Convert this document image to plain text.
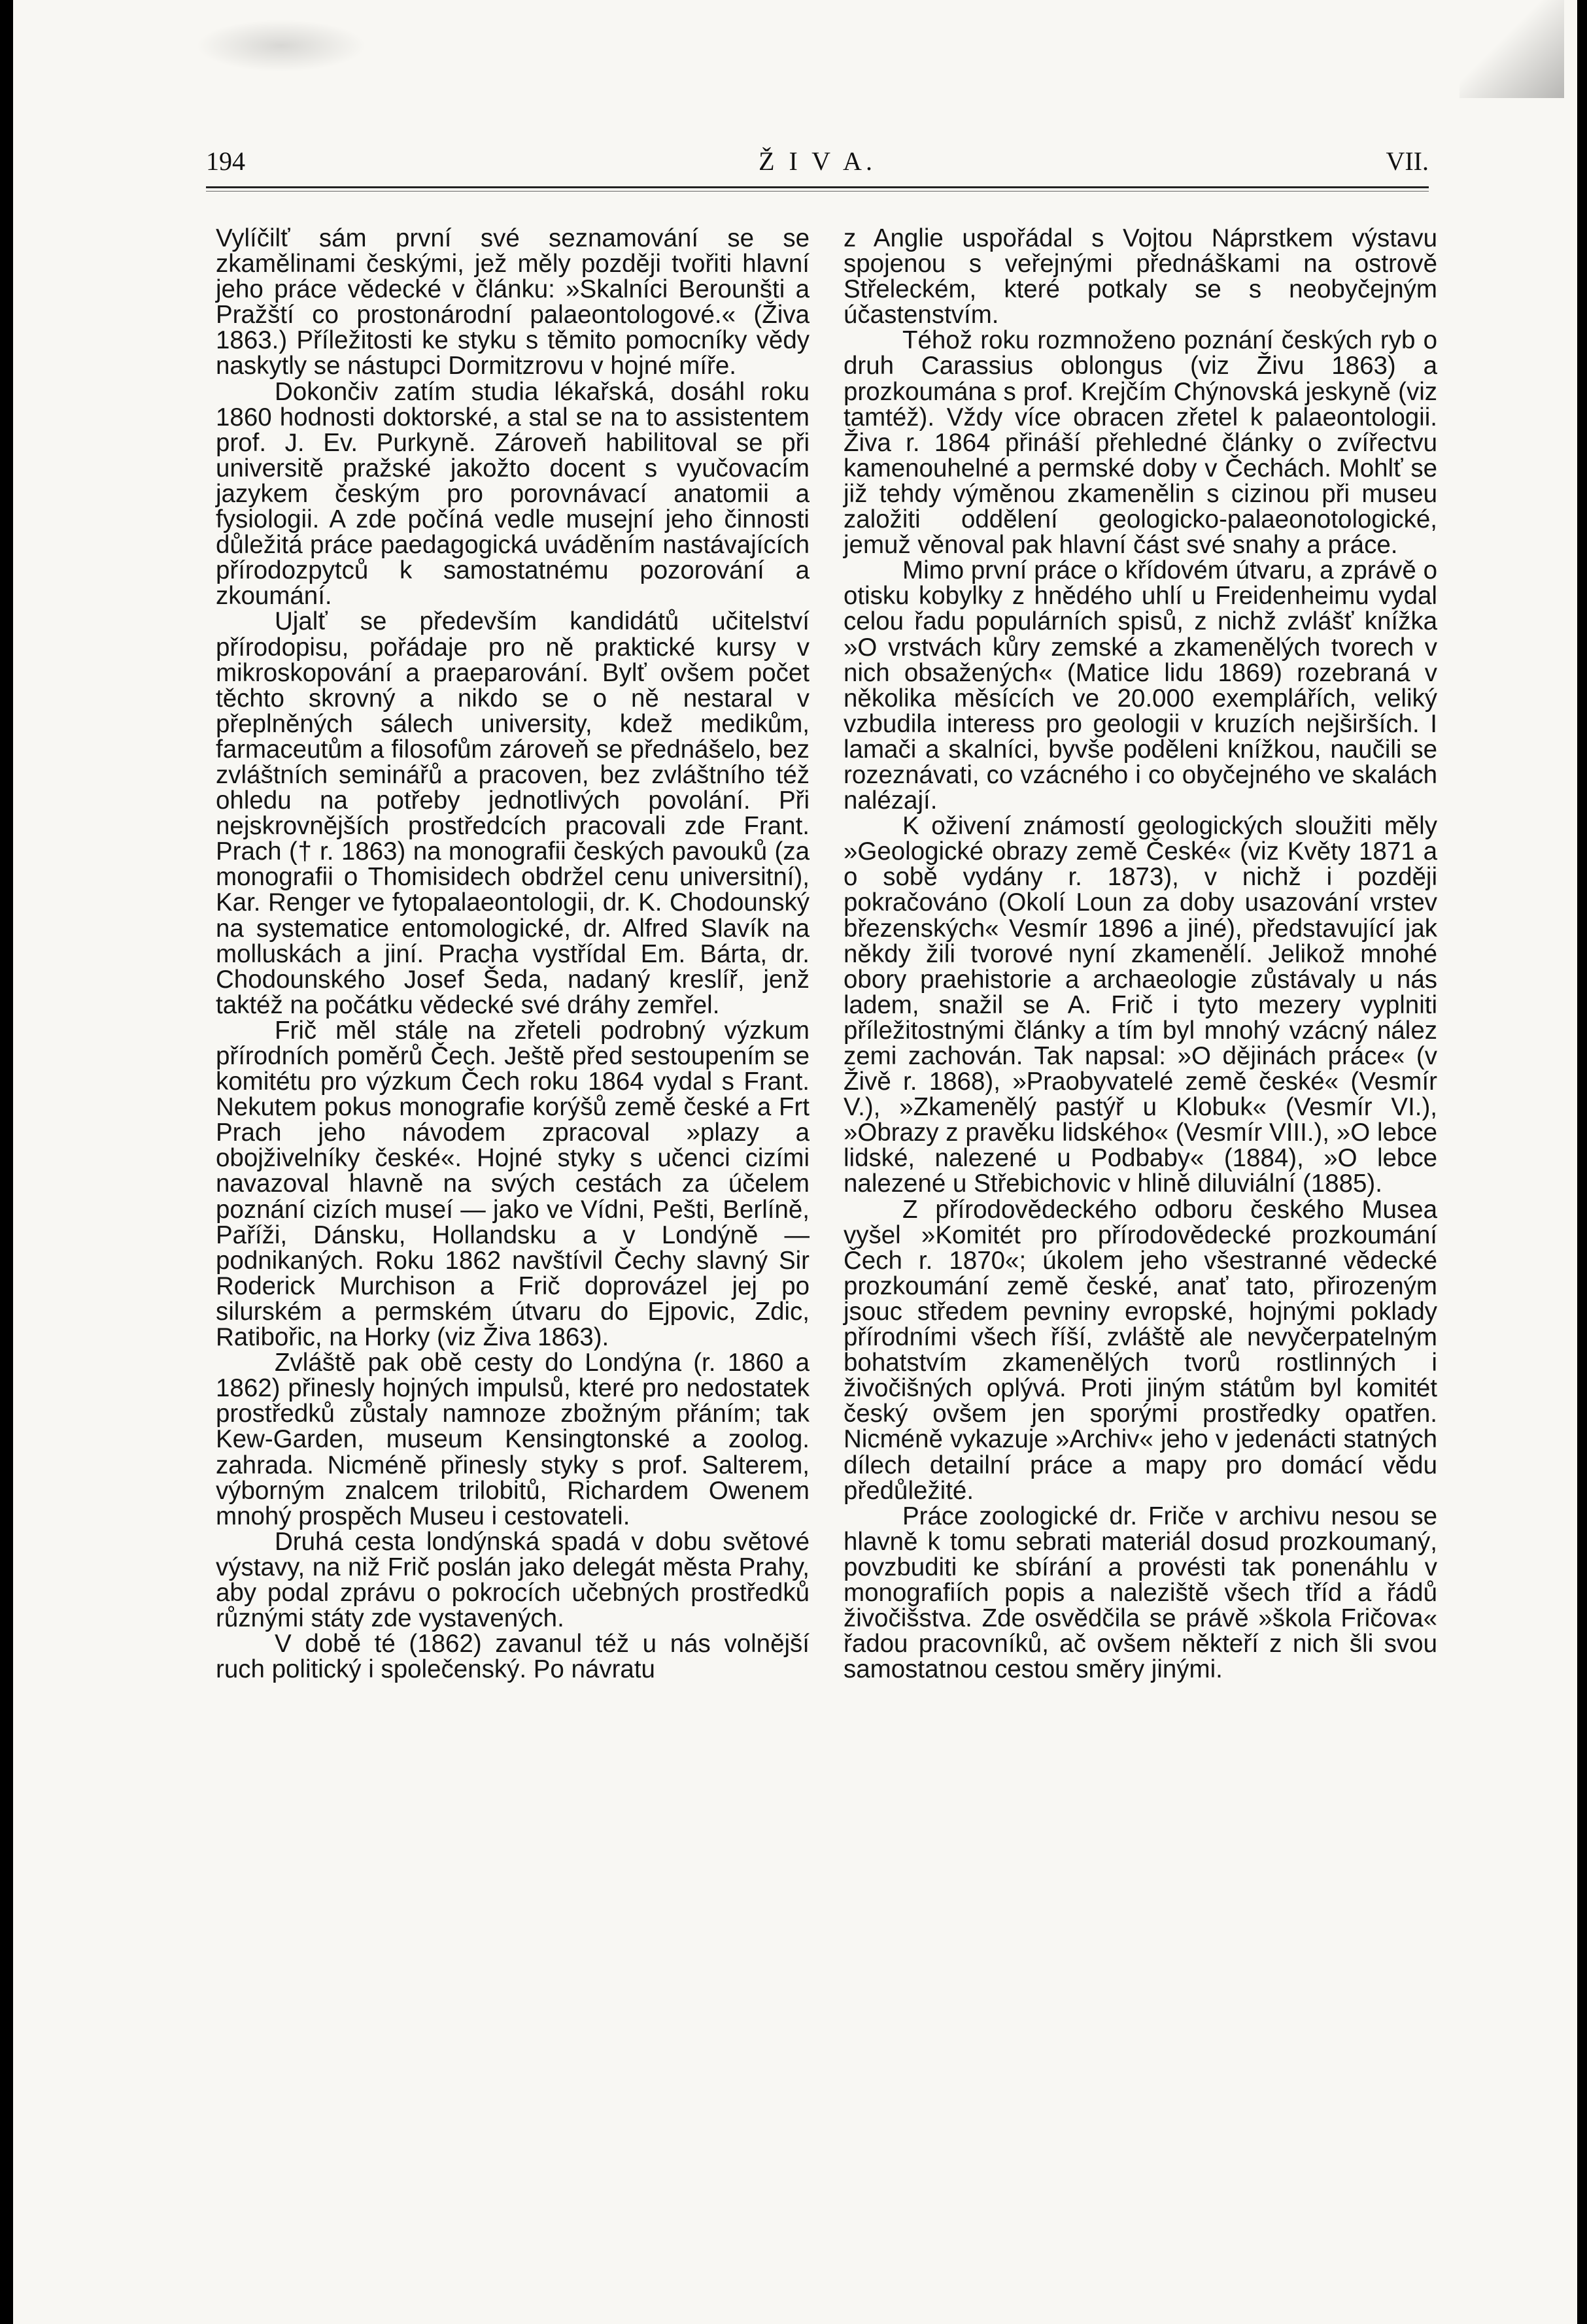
194	Ž I V A.	VII.

Vylíčilť sám první své seznamování se se zkamělinami českými, jež měly později tvořiti hlavní jeho práce vědecké v článku: »Skalníci Berounšti a Pražští co prostonárodní palaeontologové.« (Živa 1863.) Příležitosti ke styku s těmito pomocníky vědy naskytly se nástupci Dormitzrovu v hojné míře.

Dokončiv zatím studia lékařská, dosáhl roku 1860 hodnosti doktorské, a stal se na to assistentem prof. J. Ev. Purkyně. Zároveň habilitoval se při universitě pražské jakožto docent s vyučovacím jazykem českým pro porovnávací anatomii a fysiologii. A zde počíná vedle musejní jeho činnosti důležitá práce paedagogická uváděním nastávajících přírodozpytců k samostatnému pozorování a zkoumání.

Ujalť se především kandidátů učitelství přírodopisu, pořádaje pro ně praktické kursy v mikroskopování a praeparování. Bylť ovšem počet těchto skrovný a nikdo se o ně nestaral v přeplněných sálech university, kdež medikům, farmaceutům a filosofům zároveň se přednášelo, bez zvláštních seminářů a pracoven, bez zvláštního též ohledu na potřeby jednotlivých povolání. Při nejskrovnějších prostředcích pracovali zde Frant. Prach († r. 1863) na monografii českých pavouků (za monografii o Thomisidech obdržel cenu universitní), Kar. Renger ve fytopalaeontologii, dr. K. Chodounský na systematice entomologické, dr. Alfred Slavík na molluskách a jiní. Pracha vystřídal Em. Bárta, dr. Chodounského Josef Šeda, nadaný kreslíř, jenž taktéž na počátku vědecké své dráhy zemřel.

Frič měl stále na zřeteli podrobný výzkum přírodních poměrů Čech. Ještě před sestoupením se komitétu pro výzkum Čech roku 1864 vydal s Frant. Nekutem pokus monografie korýšů země české a Frt Prach jeho návodem zpracoval »plazy a obojživelníky české«. Hojné styky s učenci cizími navazoval hlavně na svých cestách za účelem poznání cizích museí — jako ve Vídni, Pešti, Berlíně, Paříži, Dánsku, Hollandsku a v Londýně — podnikaných. Roku 1862 navštívil Čechy slavný Sir Roderick Murchison a Frič doprovázel jej po silurském a permském útvaru do Ejpovic, Zdic, Ratibořic, na Horky (viz Živa 1863).

Zvláště pak obě cesty do Londýna (r. 1860 a 1862) přinesly hojných impulsů, které pro nedostatek prostředků zůstaly namnoze zbožným přáním; tak Kew-Garden, museum Kensingtonské a zoolog. zahrada. Nicméně přinesly styky s prof. Salterem, výborným znalcem trilobitů, Richardem Owenem mnohý prospěch Museu i cestovateli.

Druhá cesta londýnská spadá v dobu světové výstavy, na niž Frič poslán jako delegát města Prahy, aby podal zprávu o pokrocích učebných prostředků různými státy zde vystavených.

V době té (1862) zavanul též u nás volnější ruch politický i společenský. Po návratu

z Anglie uspořádal s Vojtou Náprstkem výstavu spojenou s veřejnými přednáškami na ostrově Střeleckém, které potkaly se s neobyčejným účastenstvím.

Téhož roku rozmnoženo poznání českých ryb o druh Carassius oblongus (viz Živu 1863) a prozkoumána s prof. Krejčím Chýnovská jeskyně (viz tamtéž). Vždy více obracen zřetel k palaeontologii. Živa r. 1864 přináší přehledné články o zvířectvu kamenouhelné a permské doby v Čechách. Mohlť se již tehdy výměnou zkamenělin s cizinou při museu založiti oddělení geologicko-palaeonotologické, jemuž věnoval pak hlavní část své snahy a práce.

Mimo první práce o křídovém útvaru, a zprávě o otisku kobylky z hnědého uhlí u Freidenheimu vydal celou řadu populárních spisů, z nichž zvlášť knížka »O vrstvách kůry zemské a zkamenělých tvorech v nich obsažených« (Matice lidu 1869) rozebraná v několika měsících ve 20.000 exemplářích, veliký vzbudila interess pro geologii v kruzích nejširších. I lamači a skalníci, byvše poděleni knížkou, naučili se rozeznávati, co vzácného i co obyčejného ve skalách nalézají.

K oživení známostí geologických sloužiti měly »Geologické obrazy země České« (viz Květy 1871 a o sobě vydány r. 1873), v nichž i později pokračováno (Okolí Loun za doby usazování vrstev březenských« Vesmír 1896 a jiné), představující jak někdy žili tvorové nyní zkamenělí. Jelikož mnohé obory praehistorie a archaeologie zůstávaly u nás ladem, snažil se A. Frič i tyto mezery vyplniti příležitostnými články a tím byl mnohý vzácný nález zemi zachován. Tak napsal: »O dějinách práce« (v Živě r. 1868), »Praobyvatelé země české« (Vesmír V.), »Zkamenělý pastýř u Klobuk« (Vesmír VI.), »Obrazy z pravěku lidského« (Vesmír VIII.), »O lebce lidské, nalezené u Podbaby« (1884), »O lebce nalezené u Střebichovic v hlině diluviální (1885).

Z přírodovědeckého odboru českého Musea vyšel »Komitét pro přírodovědecké prozkoumání Čech r. 1870«; úkolem jeho všestranné vědecké prozkoumání země české, anať tato, přirozeným jsouc středem pevniny evropské, hojnými poklady přírodními všech říší, zvláště ale nevyčerpatelným bohatstvím zkamenělých tvorů rostlinných i živočišných oplývá. Proti jiným státům byl komitét český ovšem jen sporými prostředky opatřen. Nicméně vykazuje »Archiv« jeho v jedenácti statných dílech detailní práce a mapy pro domácí vědu předůležité.

Práce zoologické dr. Friče v archivu nesou se hlavně k tomu sebrati materiál dosud prozkoumaný, povzbuditi ke sbírání a provésti tak ponenáhlu v monografiích popis a naleziště všech tříd a řádů živočišstva. Zde osvědčila se právě »škola Fričova« řadou pracovníků, ač ovšem někteří z nich šli svou samostatnou cestou směry jinými.
